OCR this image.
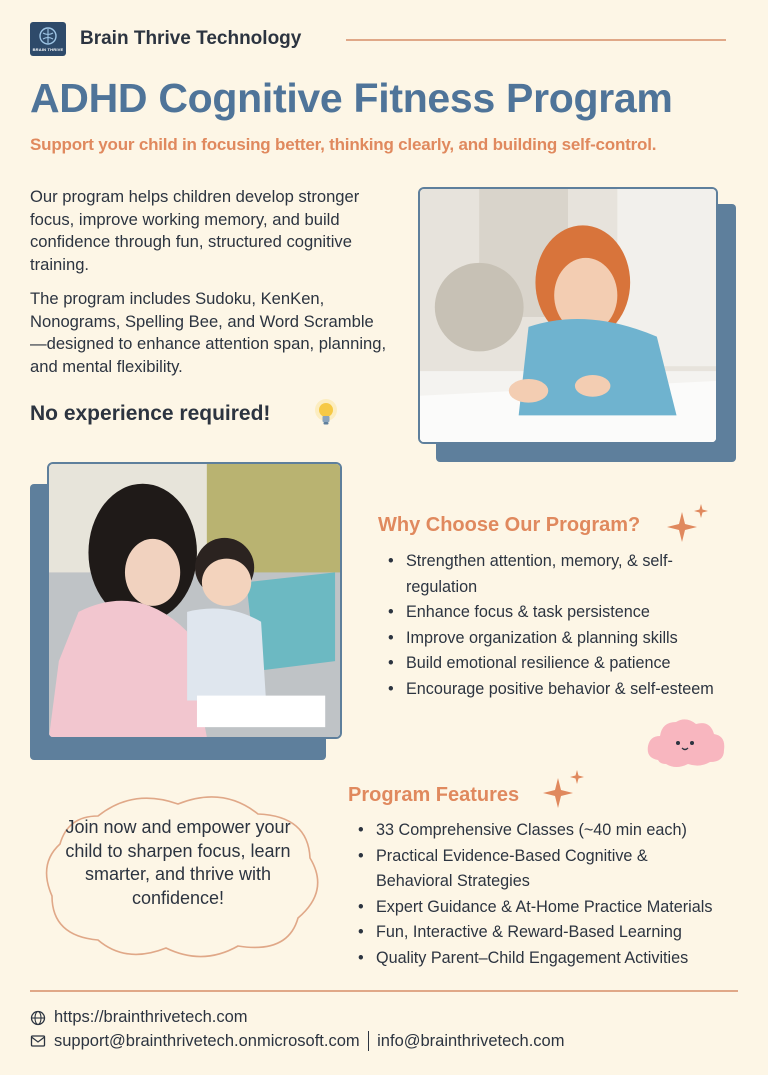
BRAIN THRIVE
Brain Thrive Technology
ADHD Cognitive Fitness Program
Support your child in focusing better, thinking clearly, and building self-control.

Our program helps children develop stronger focus, improve working memory, and build confidence through fun, structured cognitive training.

The program includes Sudoku, KenKen, Nonograms, Spelling Bee, and Word Scramble—designed to enhance attention span, planning, and mental flexibility.

No experience required!
Why Choose Our Program?
• Strengthen attention, memory, & self-regulation
• Enhance focus & task persistence
• Improve organization & planning skills
• Build emotional resilience & patience
• Encourage positive behavior & self-esteem
Program Features
• 33 Comprehensive Classes (~40 min each)
• Practical Evidence-Based Cognitive & Behavioral Strategies
• Expert Guidance & At-Home Practice Materials
• Fun, Interactive & Reward-Based Learning
• Quality Parent–Child Engagement Activities
Join now and empower your child to sharpen focus, learn smarter, and thrive with confidence!
https://brainthrivetech.com
support@brainthrivetech.onmicrosoft.com info@brainthrivetech.com
